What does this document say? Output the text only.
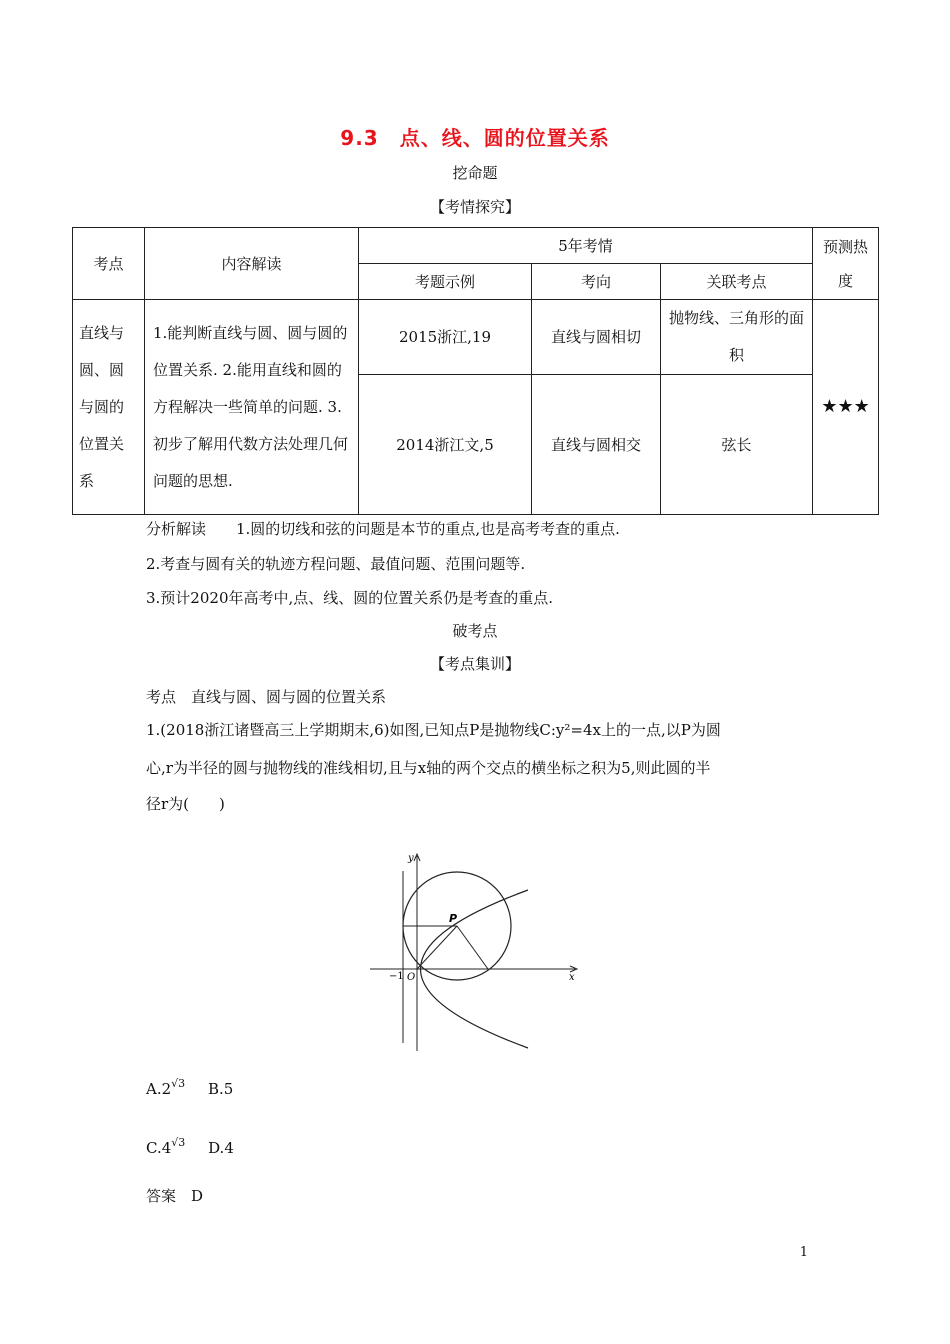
9.3　点、线、圆的位置关系
挖命题
【考情探究】
考点	内容解读	5年考情			预测热度
		考题示例	考向	关联考点	
直线与圆、圆与圆的位置关系	1.能判断直线与圆、圆与圆的位置关系. 2.能用直线和圆的方程解决一些简单的问题. 3.初步了解用代数方法处理几何问题的思想.	2015浙江,19	直线与圆相切	抛物线、三角形的面积	★★★
		2014浙江文,5	直线与圆相交	弦长	
分析解读　　1.圆的切线和弦的问题是本节的重点,也是高考考查的重点.
2.考查与圆有关的轨迹方程问题、最值问题、范围问题等.
3.预计2020年高考中,点、线、圆的位置关系仍是考查的重点.
破考点
【考点集训】
考点　直线与圆、圆与圆的位置关系
1.(2018浙江诸暨高三上学期期末,6)如图,已知点P是抛物线C:y²=4x上的一点,以P为圆
心,r为半径的圆与抛物线的准线相切,且与x轴的两个交点的横坐标之积为5,则此圆的半
径r为(　　)
y
x
P
O
−1
$A.2^{√3}$ B.5
$C.4^{√3}$ D.4
答案　D
1
